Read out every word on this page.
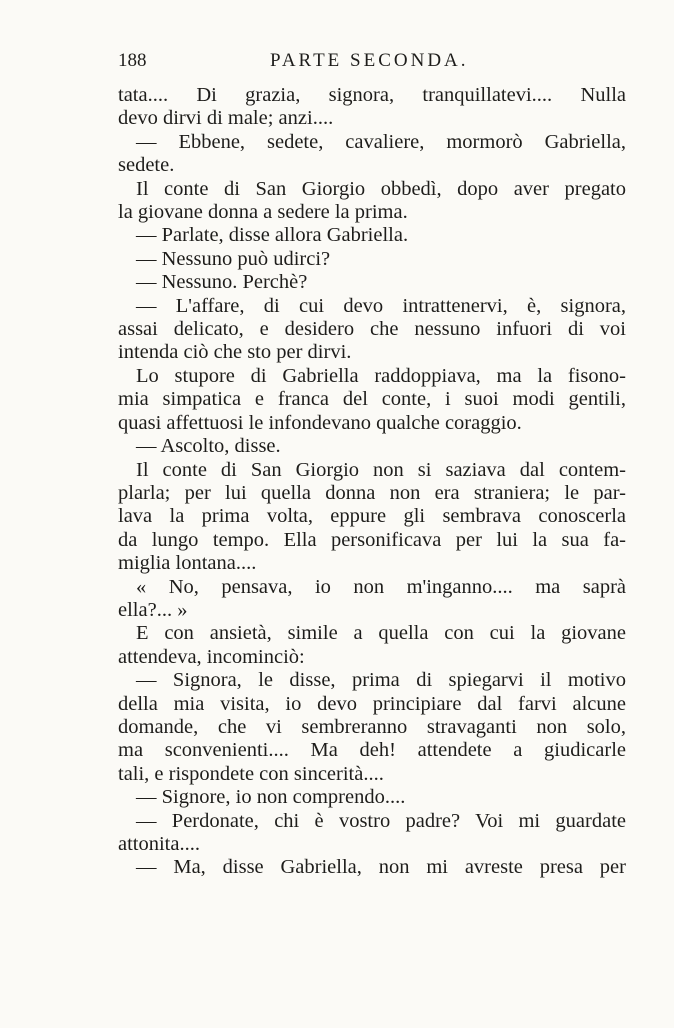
188	PARTE SECONDA.
tata.... Di grazia, signora, tranquillatevi.... Nulla
devo dirvi di male; anzi....
— Ebbene, sedete, cavaliere, mormorò Gabriella,
sedete.
Il conte di San Giorgio obbedì, dopo aver pregato
la giovane donna a sedere la prima.
— Parlate, disse allora Gabriella.
— Nessuno può udirci?
— Nessuno. Perchè?
— L'affare, di cui devo intrattenervi, è, signora,
assai delicato, e desidero che nessuno infuori di voi
intenda ciò che sto per dirvi.
Lo stupore di Gabriella raddoppiava, ma la fisono-
mia simpatica e franca del conte, i suoi modi gentili,
quasi affettuosi le infondevano qualche coraggio.
— Ascolto, disse.
Il conte di San Giorgio non si saziava dal contem-
plarla; per lui quella donna non era straniera; le par-
lava la prima volta, eppure gli sembrava conoscerla
da lungo tempo. Ella personificava per lui la sua fa-
miglia lontana....
« No, pensava, io non m'inganno.... ma saprà
ella?... »
E con ansietà, simile a quella con cui la giovane
attendeva, incominciò:
— Signora, le disse, prima di spiegarvi il motivo
della mia visita, io devo principiare dal farvi alcune
domande, che vi sembreranno stravaganti non solo,
ma sconvenienti.... Ma deh! attendete a giudicarle
tali, e rispondete con sincerità....
— Signore, io non comprendo....
— Perdonate, chi è vostro padre? Voi mi guardate
attonita....
— Ma, disse Gabriella, non mi avreste presa per
